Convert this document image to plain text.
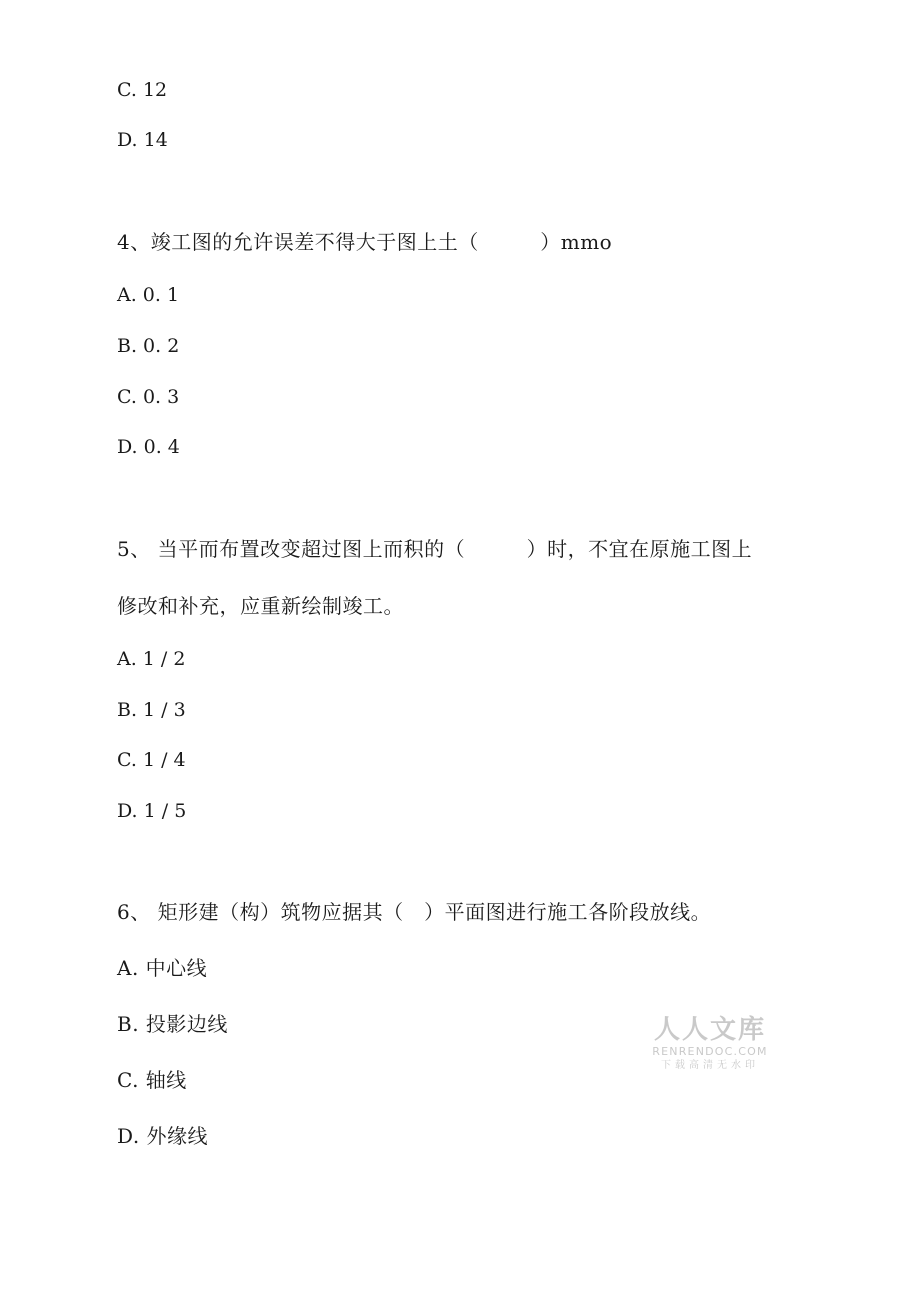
C. 12
D. 14
4、竣工图的允许误差不得大于图上土（　　　）mmo
A. 0. 1
B. 0. 2
C. 0. 3
D. 0. 4
5、 当平而布置改变超过图上而积的（　　　）时，不宜在原施工图上
修改和补充，应重新绘制竣工。
A. 1 / 2
B. 1 / 3
C. 1 / 4
D. 1 / 5
6、 矩形建（构）筑物应据其（　）平面图进行施工各阶段放线。
A. 中心线
B. 投影边线
C. 轴线
D. 外缘线
人人文库
RENRENDOC.COM
下载高清无水印
